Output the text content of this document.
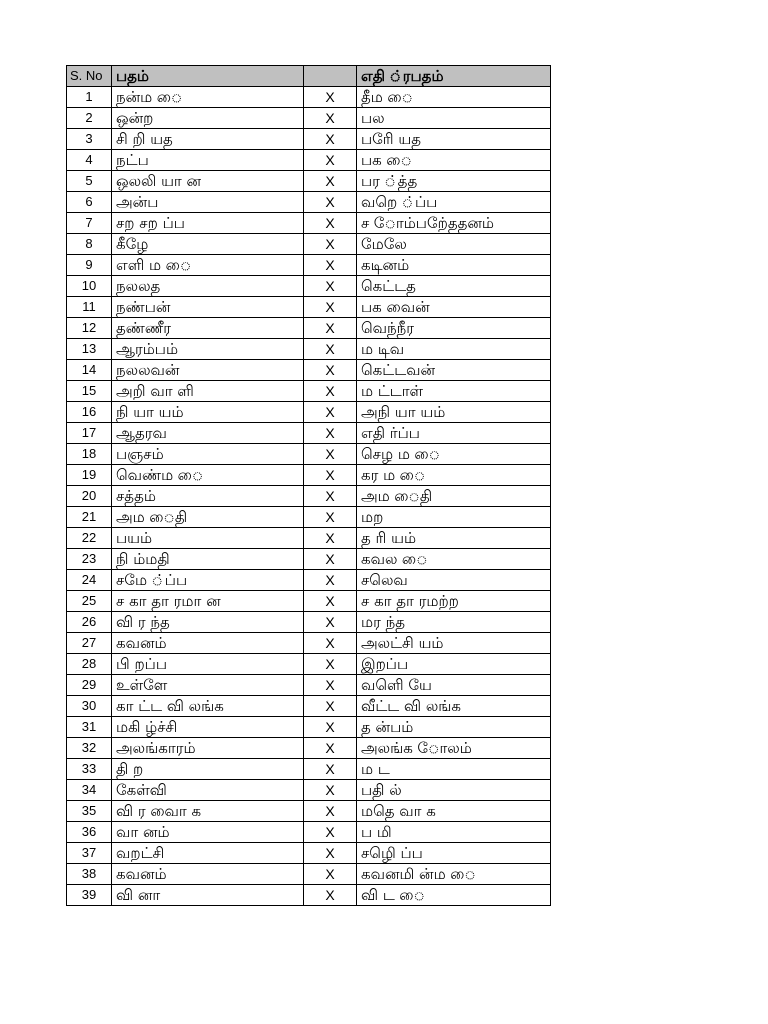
S. No	பதம்		எதி ்ரபதம்
1	நன்ம ை	X	தீம ை
2	ஒன்ற	X	பல
3	சி றி யத	X	பரிே யத
4	நட்ப	X	பக ை
5	ஒலலி யா ன	X	பர ்த்த
6	அன்ப	X	வறெ ்ப்ப
7	சற சற ப்ப	X	ச ோம்பறே்ததனம்
8	கீழே	X	மேலே
9	எளி ம ை	X	கடினம்
10	நலலத	X	கெட்டத
11	நண்பன்	X	பக வைன்
12	தண்ணீர	X	வெந்நீர
13	ஆரம்பம்	X	ம டிவ
14	நலலவன்	X	கெட்டவன்
15	அறி வா ளி	X	ம ட்டாள்
16	நி யா யம்	X	அநி யா யம்
17	ஆதரவ	X	எதி ர்ப்ப
18	பஞசம்	X	செழ ம ை
19	வெண்ம ை	X	கர ம ை
20	சத்தம்	X	அம ைதி
21	அம ைதி	X	மற
22	பயம்	X	த ரி யம்
23	நி ம்மதி	X	கவல ை
24	சமே ்ப்ப	X	சலெவ
25	ச கா தா ரமா ன	X	ச கா தா ரமற்ற
26	வி ர ந்த	X	மர ந்த
27	கவனம்	X	அலட்சி யம்
28	பி றப்ப	X	இறப்ப
29	உள்ளே	X	வளெி யே
30	கா ட்ட வி லங்க	X	வீட்ட வி லங்க
31	மகி ழ்ச்சி	X	த ன்பம்
32	அலங்காரம்	X	அலங்க ோலம்
33	தி ற	X	ம ட
34	கேள்வி	X	பதி ல்
35	வி ர வைா க	X	மதெ வா க
36	வா னம்	X	ப மி
37	வறட்சி	X	சழெி ப்ப
38	கவனம்	X	கவனமி ன்ம ை
39	வி னா	X	வி ட ை
